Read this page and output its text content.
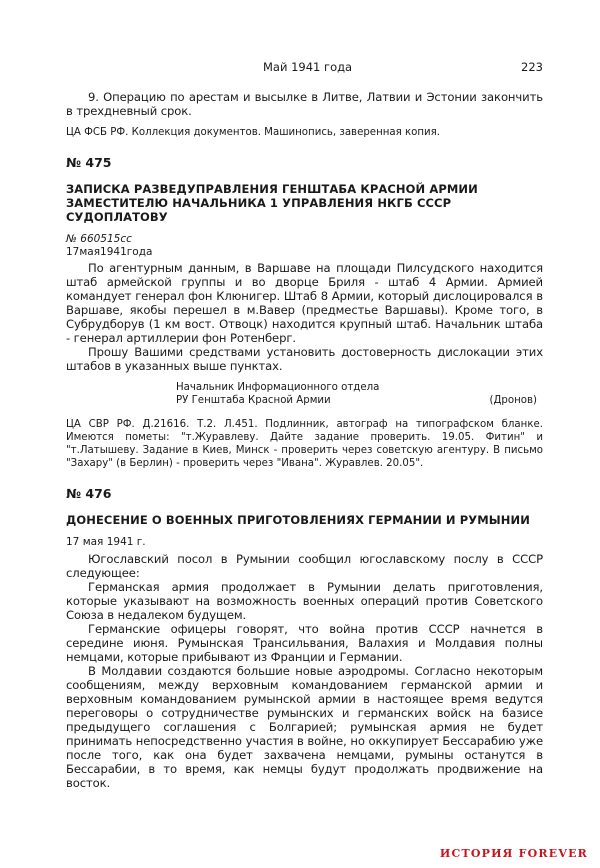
Май 1941 года	223

9. Операцию по арестам и высылке в Литве, Латвии и Эстонии закончить в трехдневный срок.

ЦА ФСБ РФ. Коллекция документов. Машинопись, заверенная копия.

№ 475

ЗАПИСКА РАЗВЕДУПРАВЛЕНИЯ ГЕНШТАБА КРАСНОЙ АРМИИ ЗАМЕСТИТЕЛЮ НАЧАЛЬНИКА 1 УПРАВЛЕНИЯ НКГБ СССР СУДОПЛАТОВУ

№ 660515сс

17мая1941года

По агентурным данным, в Варшаве на площади Пилсудского находится штаб армейской группы и во дворце Бриля - штаб 4 Армии. Армией командует генерал фон Клюнигер. Штаб 8 Армии, который дислоцировался в Варшаве, якобы перешел в м.Вавер (предместье Варшавы). Кроме того, в Субрудборув (1 км вост. Отвоцк) находится крупный штаб. Начальник штаба - генерал артиллерии фон Ротенберг.

Прошу Вашими средствами установить достоверность дислокации этих штабов в указанных выше пунктах.

Начальник Информационного отдела
РУ Генштаба Красной Армии	(Дронов)

ЦА СВР РФ. Д.21616. Т.2. Л.451. Подлинник, автограф на типографском бланке. Имеются пометы: "т.Журавлеву. Дайте задание проверить. 19.05. Фитин" и "т.Латышеву. Задание в Киев, Минск - проверить через советскую агентуру. В письмо "Захару" (в Берлин) - проверить через "Ивана". Журавлев. 20.05".

№ 476

ДОНЕСЕНИЕ О ВОЕННЫХ ПРИГОТОВЛЕНИЯХ ГЕРМАНИИ И РУМЫНИИ

17 мая 1941 г.

Югославский посол в Румынии сообщил югославскому послу в СССР следующее:

Германская армия продолжает в Румынии делать приготовления, которые указывают на возможность военных операций против Советского Союза в недалеком будущем.

Германские офицеры говорят, что война против СССР начнется в середине июня. Румынская Трансильвания, Валахия и Молдавия полны немцами, которые прибывают из Франции и Германии.

В Молдавии создаются большие новые аэродромы. Согласно некоторым сообщениям, между верховным командованием германской армии и верховным командованием румынской армии в настоящее время ведутся переговоры о сотрудничестве румынских и германских войск на базисе предыдущего соглашения с Болгарией; румынская армия не будет принимать непосредственно участия в войне, но оккупирует Бессарабию уже после того, как она будет захвачена немцами, румыны останутся в Бессарабии, в то время, как немцы будут продолжать продвижение на восток.

ИСТОРИЯ FOREVER
